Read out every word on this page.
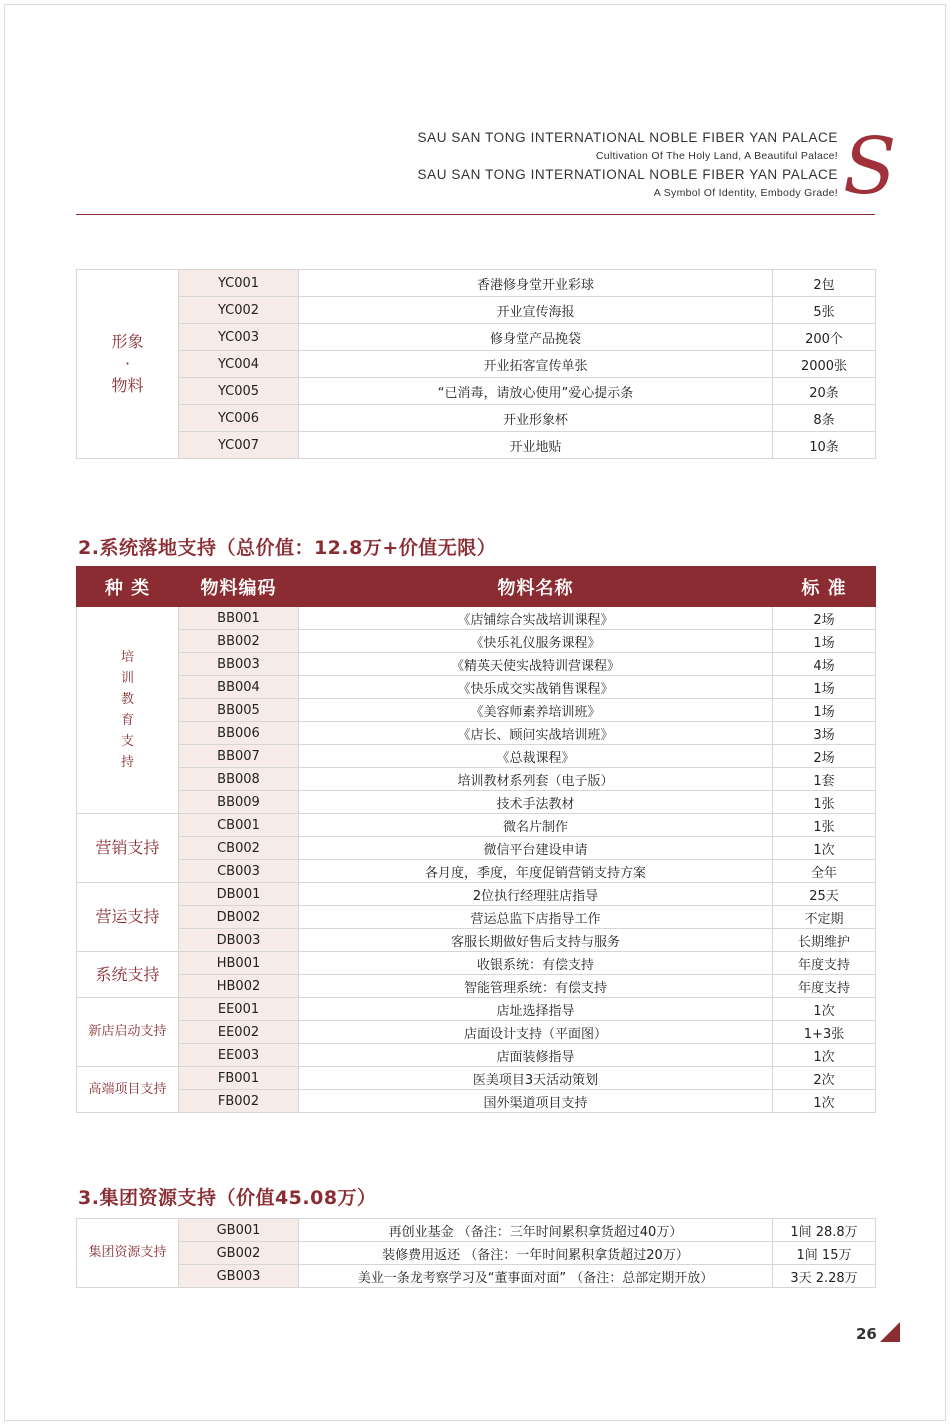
SAU SAN TONG INTERNATIONAL NOBLE FIBER YAN PALACE
Cultivation Of The Holy Land, A Beautiful Palace!
SAU SAN TONG INTERNATIONAL NOBLE FIBER YAN PALACE
A Symbol Of Identity, Embody Grade! S
形象
·
物料	YC001	香港修身堂开业彩球	2包
	YC002	开业宣传海报	5张
	YC003	修身堂产品挽袋	200个
	YC004	开业拓客宣传单张	2000张
	YC005	“已消毒，请放心使用”爱心提示条	20条
	YC006	开业形象杯	8条
	YC007	开业地贴	10条
2.系统落地支持（总价值：12.8万+价值无限）
种 类	物料编码	物料名称	标 准
培训教育支持	BB001	《店铺综合实战培训课程》	2场
	BB002	《快乐礼仪服务课程》	1场
	BB003	《精英天使实战特训营课程》	4场
	BB004	《快乐成交实战销售课程》	1场
	BB005	《美容师素养培训班》	1场
	BB006	《店长、顾问实战培训班》	3场
	BB007	《总裁课程》	2场
	BB008	培训教材系列套（电子版）	1套
	BB009	技术手法教材	1张
营销支持	CB001	微名片制作	1张
	CB002	微信平台建设申请	1次
	CB003	各月度，季度，年度促销营销支持方案	全年
营运支持	DB001	2位执行经理驻店指导	25天
	DB002	营运总监下店指导工作	不定期
	DB003	客服长期做好售后支持与服务	长期维护
系统支持	HB001	收银系统：有偿支持	年度支持
	HB002	智能管理系统：有偿支持	年度支持
新店启动支持	EE001	店址选择指导	1次
	EE002	店面设计支持（平面图）	1+3张
	EE003	店面装修指导	1次
高端项目支持	FB001	医美项目3天活动策划	2次
	FB002	国外渠道项目支持	1次
3.集团资源支持（价值45.08万）
集团资源支持	GB001	再创业基金 （备注：三年时间累积拿货超过40万）	1间 28.8万
	GB002	装修费用返还 （备注：一年时间累积拿货超过20万）	1间 15万
	GB003	美业一条龙考察学习及“董事面对面” （备注：总部定期开放）	3天 2.28万
26
